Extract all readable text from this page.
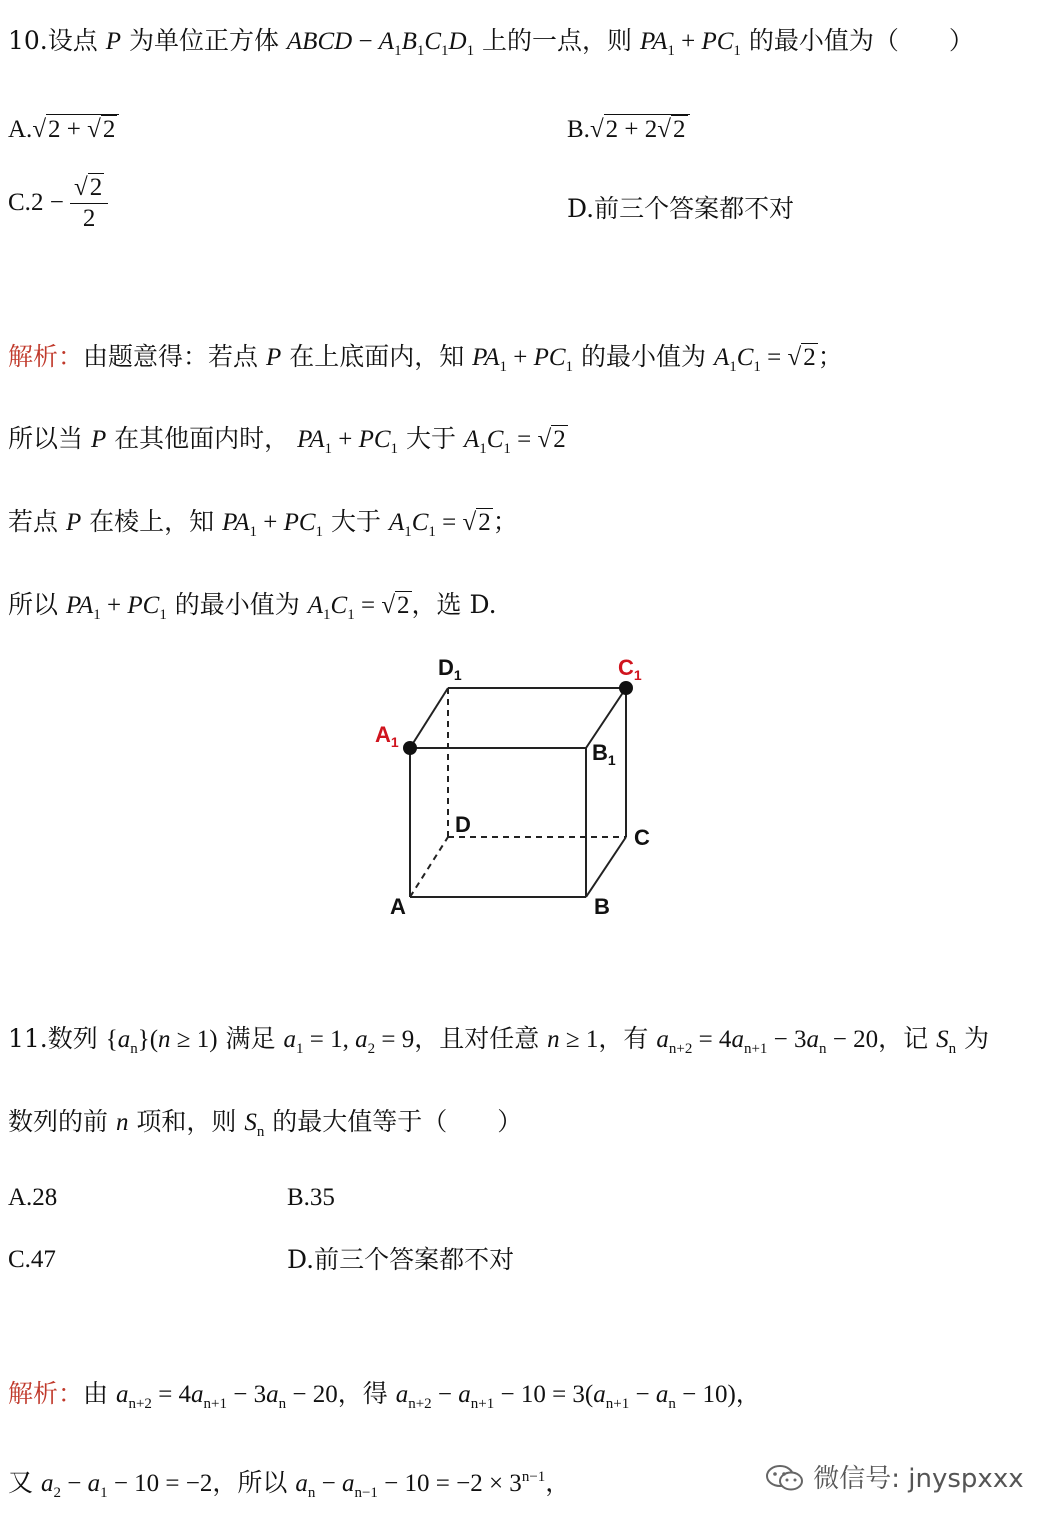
10.设点 P 为单位正方体 ABCD − $A_1B_1C_1D_1$ 上的一点，则 $PA_1 + PC_1$ 的最小值为（　　）
A.√2 + √2	B.√2 + 2√2
$C.2 - \frac{√2}{2}$	D.前三个答案都不对
解析：由题意得：若点 P 在上底面内，知 $PA_1 + PC_1$ 的最小值为 $A_1C_1 = √2$；
所以当 P 在其他面内时， $PA_1 + PC_1$ 大于 $A_1C_1 = √2$
若点 P 在棱上，知 $PA_1 + PC_1$ 大于 $A_1C_1 = √2$；
所以 $PA_1 + PC_1$ 的最小值为 $A_1C_1 = √2$，选 D.
$D_1$	$C_1$
$A_1$	$B_1$
D
C
A	B
11.数列 $\{a_n\}(n \ge 1)$ 满足 $a_1 = 1$, $a_2 = 9$，且对任意 n ≥ 1，有 $a_{n+2} = 4a_{n+1} - 3a_n - 20$，记 $S_n$ 为
数列的前 n 项和，则 $S_n$ 的最大值等于（　　）
A.28	B.35
C.47	D.前三个答案都不对
解析：由 $a_{n+2} = 4a_{n+1} - 3a_n - 20$，得 $a_{n+2} - a_{n+1} - 10 = 3(a_{n+1} - a_n - 10)$，
又 $a_2 - a_1 - 10 = -2$，所以 $a_n - a_{n-1} - 10 = -2 \times 3^{n-1}$，	微信号: jnyspxxx
